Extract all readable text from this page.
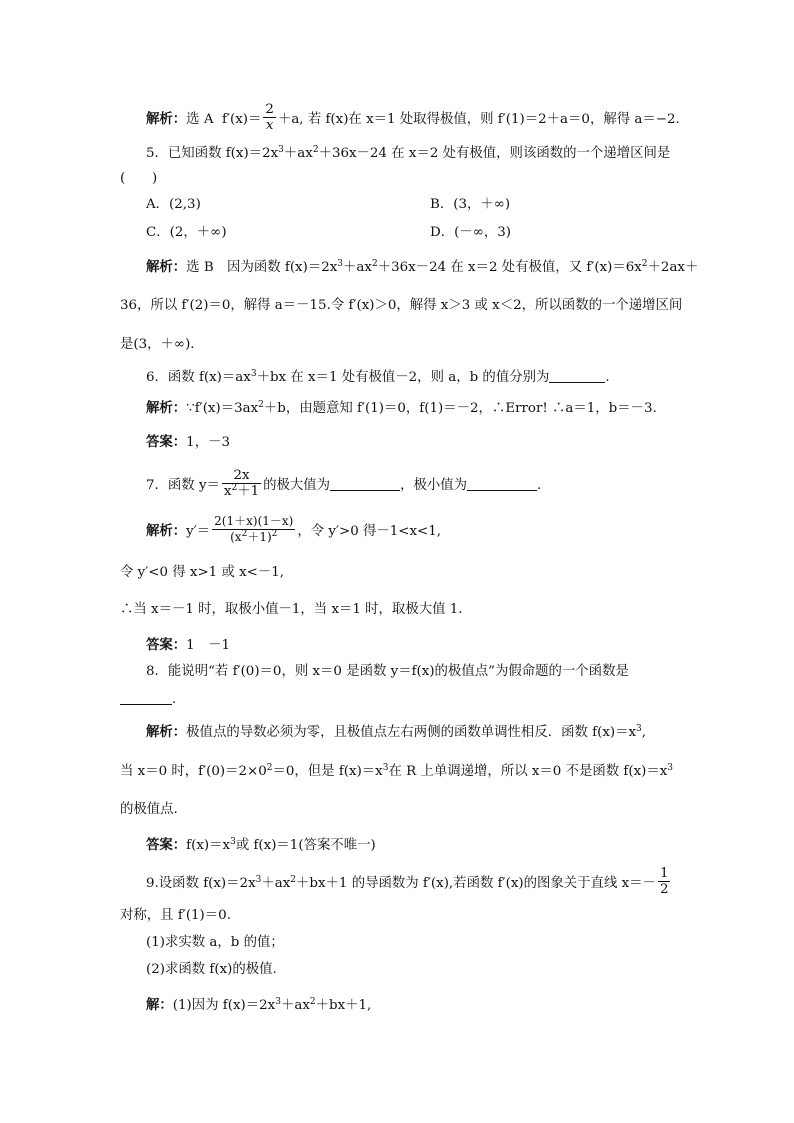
解析：选 A $f'(x)= \frac{2}{x} +a$, 若 f(x)在 x＝1 处取得极值，则 f′(1)＝2＋a＝0，解得 a＝−2.
5．已知函数 $f(x)=2x^3+ax^2+36x-24$ 在 x＝2 处有极值，则该函数的一个递增区间是
(　　)
A．(2,3)	B．(3，＋∞)
C．(2，＋∞)	D．(－∞，3)
解析：选 B　因为函数 $f(x)=2x^3+ax^2+36x-24$ 在 x＝2 处有极值，又 $f'(x)=6x^2+2ax+$
36，所以 f′(2)＝0，解得 a＝－15.令 f′(x)＞0，解得 x＞3 或 x＜2，所以函数的一个递增区间
是(3，＋∞).
6．函数 $f(x)=ax^3+bx$ 在 x＝1 处有极值－2，则 a，b 的值分别为	.
解析：$\because f'(x)=3ax^2+b$，由题意知 f′(1)＝0，f(1)＝－2，∴Error! ∴a＝1，b＝－3.
答案：1，－3
7．函数 $y= \frac{2x}{x^2+1}$ 的极大值为	，极小值为	.
解析：$y'= \frac{2(1+x)(1-x)}{(x^2+1)^2}$ ，令 y′>0 得－1<x<1,
令 y′<0 得 x>1 或 x<－1,
∴当 x＝－1 时，取极小值－1，当 x＝1 时，取极大值 1.
答案：1　－1
8．能说明“若 f′(0)＝0，则 x＝0 是函数 y＝f(x)的极值点”为假命题的一个函数是
.
解析：极值点的导数必须为零，且极值点左右两侧的函数单调性相反．函数 $f(x)=x^3$,
当 x＝0 时，$f'(0)=2\times 0^2=0$，但是 $f(x)=x^3$在 R 上单调递增，所以 x＝0 不是函数 $f(x)=x^3$
的极值点.
答案：$f(x)=x^3$或 f(x)＝1(答案不唯一)
9.设函数 $f(x)=2x^3+ax^2+bx+1$ 的导函数为 f′(x),若函数 f′(x)的图象关于直线 $x=- \frac{1}{2}$
对称，且 f′(1)＝0.
(1)求实数 a，b 的值；
(2)求函数 f(x)的极值.
解：(1)因为 $f(x)=2x^3+ax^2+bx+1$,
